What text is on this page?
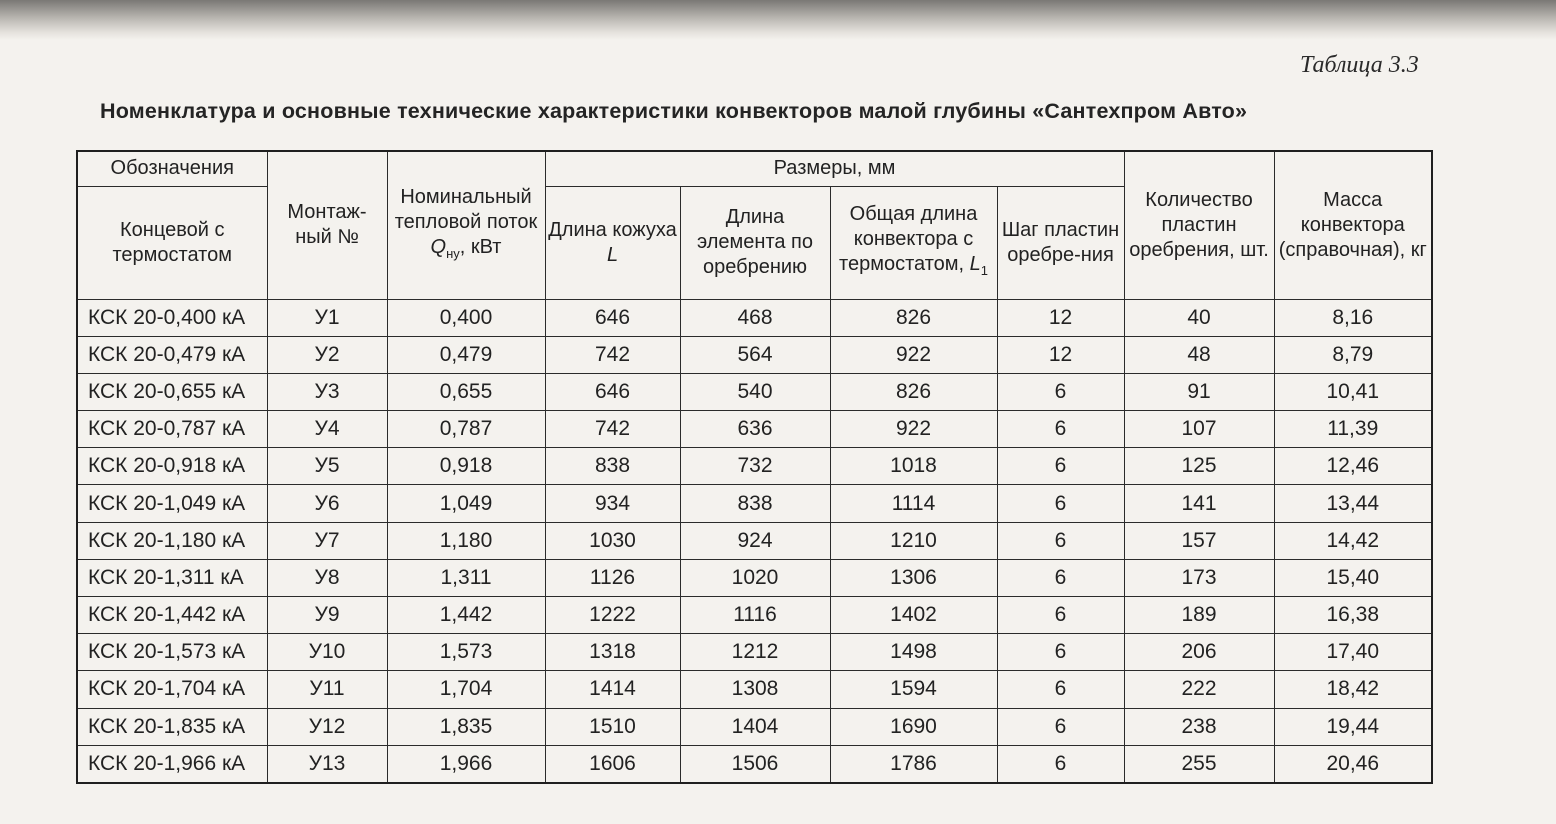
Таблица 3.3
Номенклатура и основные технические характеристики конвекторов малой глубины «Сантехпром Авто»
Обозначения	Монтаж-ный №	Номинальный тепловой поток $Q_{ну}$, кВт	Размеры, мм				Количество пластин оребрения, шт.	Масса конвектора (справочная), кг
Концевой с термостатом			Длина кожуха L	Длина элемента по оребрению	Общая длина конвектора с термостатом, $L_1$	Шаг пластин оребре-ния		
КСК 20-0,400 кА	У1	0,400	646	468	826	12	40	8,16
КСК 20-0,479 кА	У2	0,479	742	564	922	12	48	8,79
КСК 20-0,655 кА	У3	0,655	646	540	826	6	91	10,41
КСК 20-0,787 кА	У4	0,787	742	636	922	6	107	11,39
КСК 20-0,918 кА	У5	0,918	838	732	1018	6	125	12,46
КСК 20-1,049 кА	У6	1,049	934	838	1114	6	141	13,44
КСК 20-1,180 кА	У7	1,180	1030	924	1210	6	157	14,42
КСК 20-1,311 кА	У8	1,311	1126	1020	1306	6	173	15,40
КСК 20-1,442 кА	У9	1,442	1222	1116	1402	6	189	16,38
КСК 20-1,573 кА	У10	1,573	1318	1212	1498	6	206	17,40
КСК 20-1,704 кА	У11	1,704	1414	1308	1594	6	222	18,42
КСК 20-1,835 кА	У12	1,835	1510	1404	1690	6	238	19,44
КСК 20-1,966 кА	У13	1,966	1606	1506	1786	6	255	20,46
